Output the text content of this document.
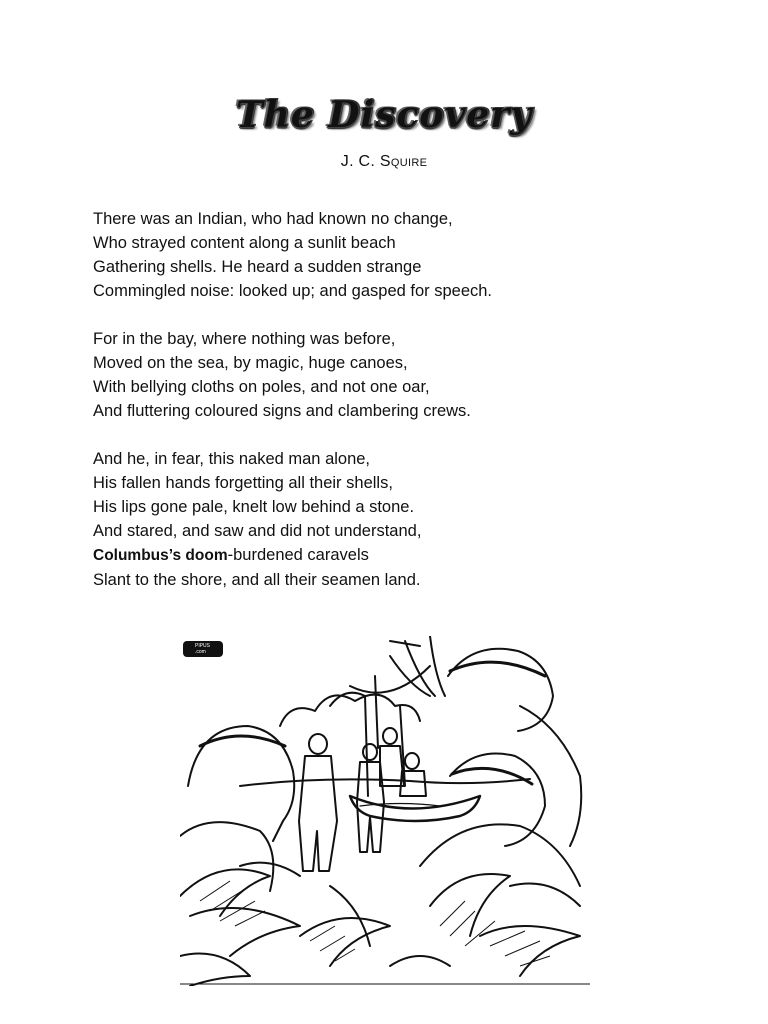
The Discovery
J. C. Squire
There was an Indian, who had known no change,
Who strayed content along a sunlit beach
Gathering shells. He heard a sudden strange
Commingled noise: looked up; and gasped for speech.
For in the bay, where nothing was before,
Moved on the sea, by magic, huge canoes,
With bellying cloths on poles, and not one oar,
And fluttering coloured signs and clambering crews.
And he, in fear, this naked man alone,
His fallen hands forgetting all their shells,
His lips gone pale, knelt low behind a stone.
And stared, and saw and did not understand,
Columbus’s doom-burdened caravels
Slant to the shore, and all their seamen land.
PIPUS
.com
